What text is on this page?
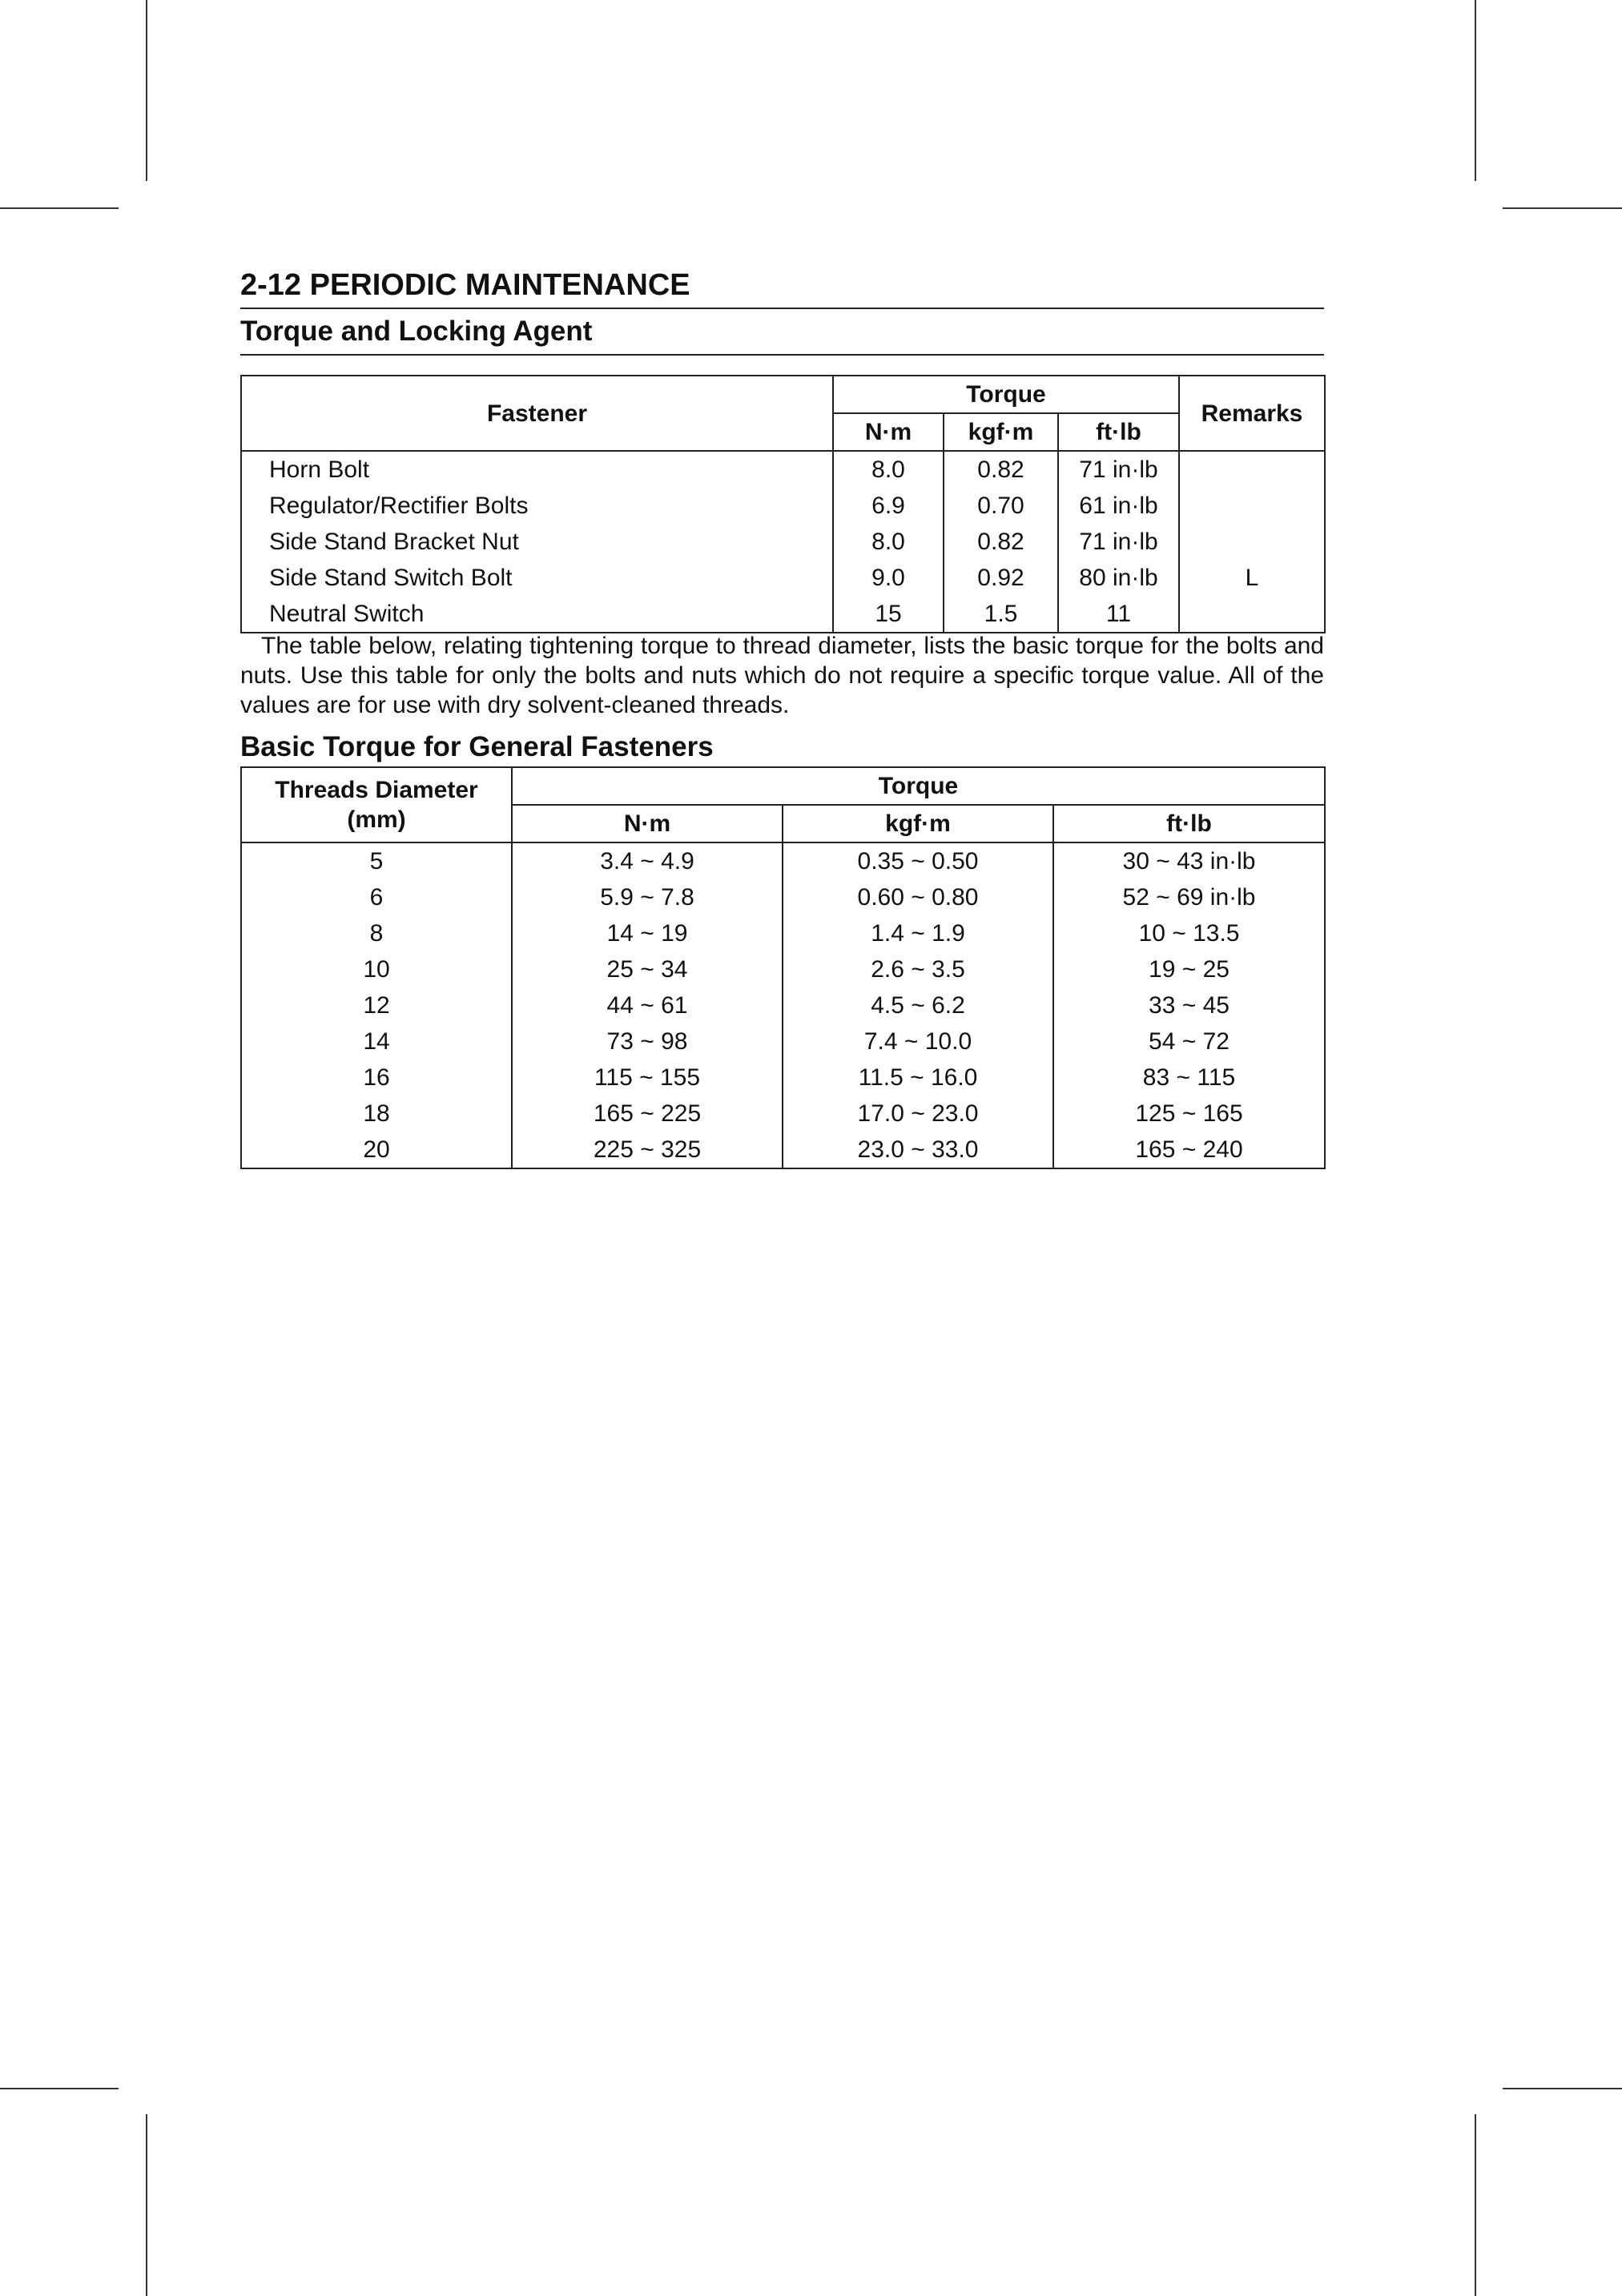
2-12 PERIODIC MAINTENANCE
Torque and Locking Agent
Fastener	Torque			Remarks
	N·m	kgf·m	ft·lb	
Horn Bolt	8.0	0.82	71 in·lb	
Regulator/Rectifier Bolts	6.9	0.70	61 in·lb	
Side Stand Bracket Nut	8.0	0.82	71 in·lb	
Side Stand Switch Bolt	9.0	0.92	80 in·lb	L
Neutral Switch	15	1.5	11	
The table below, relating tightening torque to thread diameter, lists the basic torque for the bolts and nuts. Use this table for only the bolts and nuts which do not require a specific torque value. All of the values are for use with dry solvent-cleaned threads.
Basic Torque for General Fasteners
Threads Diameter
(mm)	Torque		
	N·m	kgf·m	ft·lb
5	3.4 ~ 4.9	0.35 ~ 0.50	30 ~ 43 in·lb
6	5.9 ~ 7.8	0.60 ~ 0.80	52 ~ 69 in·lb
8	14 ~ 19	1.4 ~ 1.9	10 ~ 13.5
10	25 ~ 34	2.6 ~ 3.5	19 ~ 25
12	44 ~ 61	4.5 ~ 6.2	33 ~ 45
14	73 ~ 98	7.4 ~ 10.0	54 ~ 72
16	115 ~ 155	11.5 ~ 16.0	83 ~ 115
18	165 ~ 225	17.0 ~ 23.0	125 ~ 165
20	225 ~ 325	23.0 ~ 33.0	165 ~ 240
